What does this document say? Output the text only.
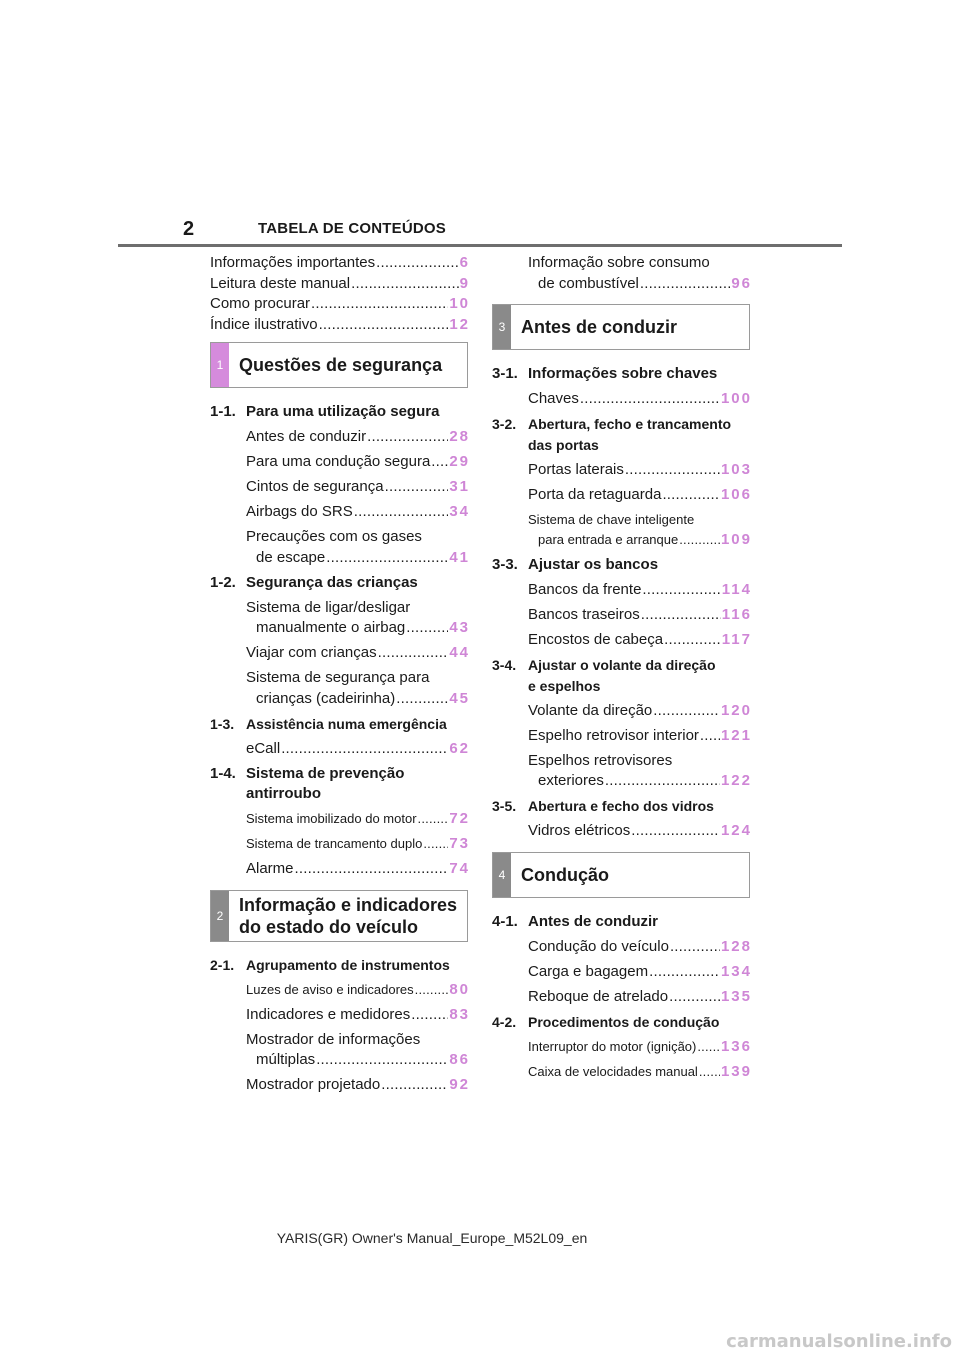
2	TABELA DE CONTEÚDOS
Informações importantes .....	6
Leitura deste manual .....	9
Como procurar .....	10
Índice ilustrativo .....	12
1 Questões de segurança
1-1. Para uma utilização segura
Antes de conduzir .....	28
Para uma condução segura ..... 29
Cintos de segurança .....	31
Airbags do SRS .....	34
Precauções com os gases
de escape .....	41
1-2. Segurança das crianças
Sistema de ligar/desligar
manualmente o airbag .....	43
Viajar com crianças .....	44
Sistema de segurança para
crianças (cadeirinha) .....	45
1-3. Assistência numa emergência
eCall .....	62
1-4. Sistema de prevenção
antirroubo
Sistema imobilizado do motor ..... 72
Sistema de trancamento duplo ..... 73
Alarme .....	74
2
Informação e indicadores
do estado do veículo
2-1. Agrupamento de instrumentos
Luzes de aviso e indicadores ..... 80
Indicadores e medidores .....	83
Mostrador de informações
múltiplas .....	86
Mostrador projetado .....	92
Informação sobre consumo
de combustível .....	96
3 Antes de conduzir
3-1. Informações sobre chaves
Chaves .....	100
3-2. Abertura, fecho e trancamento
das portas
Portas laterais .....	103
Porta da retaguarda .....	106
Sistema de chave inteligente
para entrada e arranque .....	109
3-3. Ajustar os bancos
Bancos da frente .....	114
Bancos traseiros .....	116
Encostos de cabeça .....	117
3-4. Ajustar o volante da direção
e espelhos
Volante da direção .....	120
Espelho retrovisor interior ..... 121
Espelhos retrovisores
exteriores .....	122
3-5. Abertura e fecho dos vidros
Vidros elétricos .....	124
4 Condução
4-1. Antes de conduzir
Condução do veículo .....	128
Carga e bagagem .....	134
Reboque de atrelado .....	135
4-2. Procedimentos de condução
Interruptor do motor (ignição) ..... 136
Caixa de velocidades manual ..... 139
YARIS(GR) Owner's Manual_Europe_M52L09_en
carmanualsonline.info
